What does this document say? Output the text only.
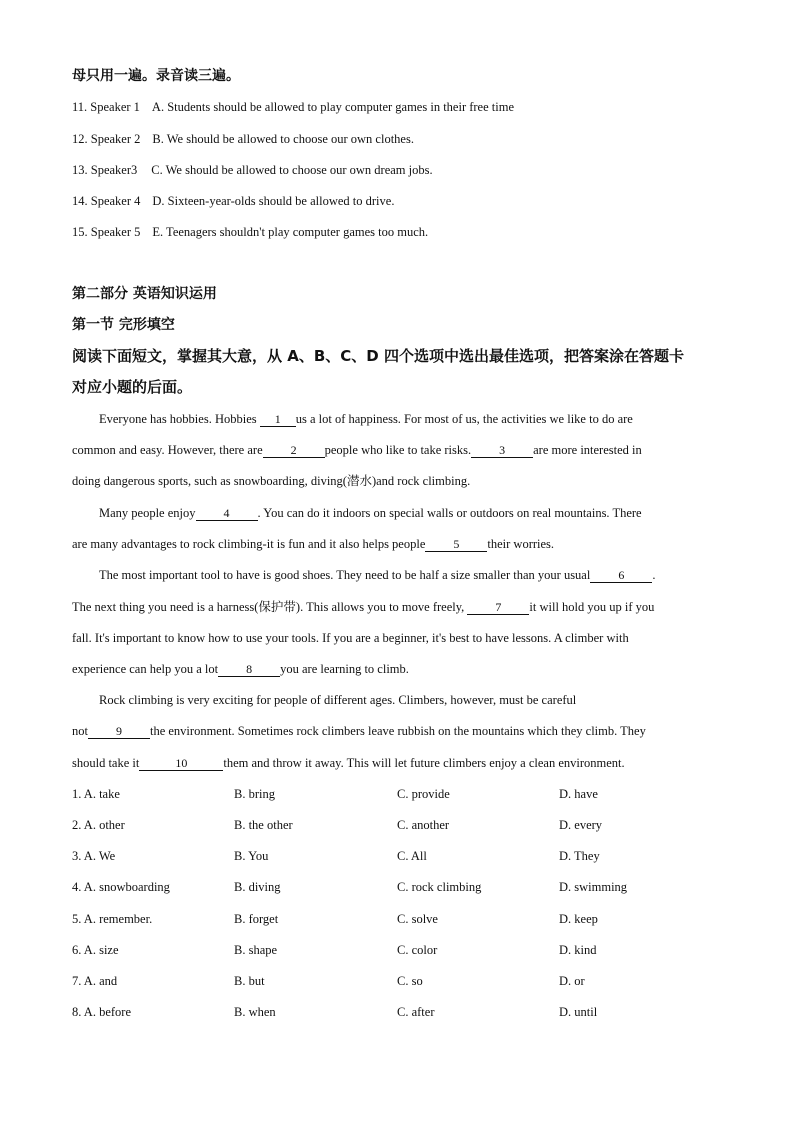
母只用一遍。录音读三遍。
11. Speaker 1 A. Students should be allowed to play computer games in their free time
12. Speaker 2 B. We should be allowed to choose our own clothes.
13. Speaker3 C. We should be allowed to choose our own dream jobs.
14. Speaker 4 D. Sixteen-year-olds should be allowed to drive.
15. Speaker 5 E. Teenagers shouldn't play computer games too much.
第二部分 英语知识运用
第一节 完形填空
阅读下面短文，掌握其大意，从 A、B、C、D 四个选项中选出最佳选项，把答案涂在答题卡
对应小题的后面。
Everyone has hobbies. Hobbies 1 us a lot of happiness. For most of us, the activities we like to do are
common and easy. However, there are 2 people who like to take risks. 3 are more interested in
doing dangerous sports, such as snowboarding, diving(潜水)and rock climbing.
Many people enjoy 4 . You can do it indoors on special walls or outdoors on real mountains. There
are many advantages to rock climbing-it is fun and it also helps people 5 their worries.
The most important tool to have is good shoes. They need to be half a size smaller than your usual 6 .
The next thing you need is a harness(保护带). This allows you to move freely, 7 it will hold you up if you
fall. It's important to know how to use your tools. If you are a beginner, it's best to have lessons. A climber with
experience can help you a lot 8 you are learning to climb.
Rock climbing is very exciting for people of different ages. Climbers, however, must be careful
not 9 the environment. Sometimes rock climbers leave rubbish on the mountains which they climb. They
should take it	10	them and throw it away. This will let future climbers enjoy a clean environment.
1. A. take	B. bring	C. provide	D. have
2. A. other	B. the other	C. another	D. every
3. A. We	B. You	C. All	D. They
4. A. snowboarding	B. diving	C. rock climbing	D. swimming
5. A. remember.	B. forget	C. solve	D. keep
6. A. size	B. shape	C. color	D. kind
7. A. and	B. but	C. so	D. or
8. A. before	B. when	C. after	D. until
